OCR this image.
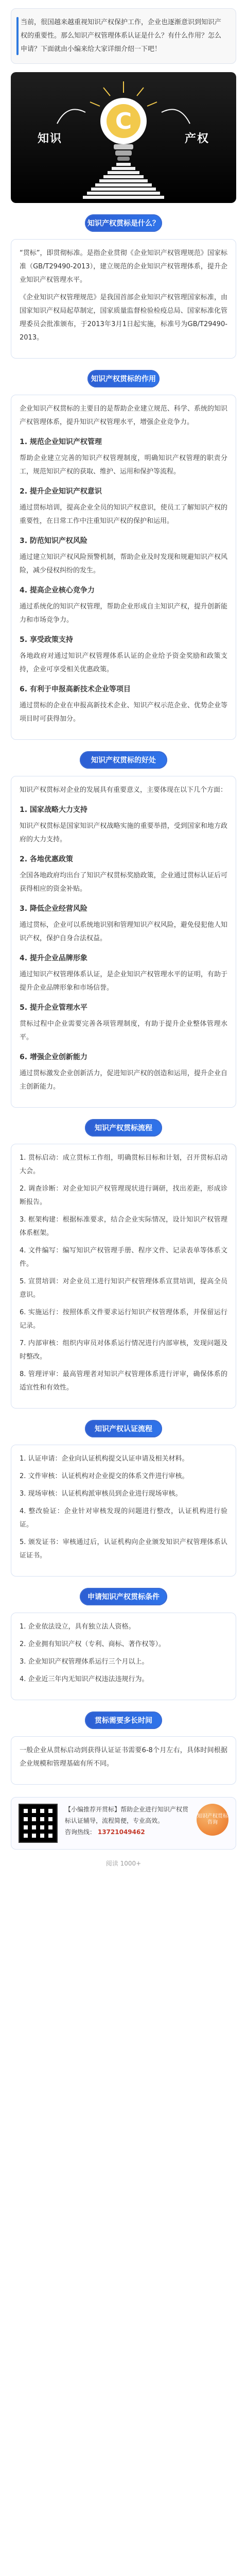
当前，很国越来越重视知识产权保护工作，企业也逐渐意识到知识产权的重要性。那么知识产权管理体系认证是什么？有什么作用？怎么申请？下面就由小编来给大家详细介绍一下吧！
C
知识	产权
知识产权贯标是什么？

“贯标”，即贯彻标准。是指企业贯彻《企业知识产权管理规范》国家标准（GB/T29490-2013），建立规范的企业知识产权管理体系，提升企业知识产权管理水平。

《企业知识产权管理规范》是我国首部企业知识产权管理国家标准，由国家知识产权局起草制定，国家质量监督检验检疫总局、国家标准化管理委员会批准颁布，于2013年3月1日起实施，标准号为GB/T29490-2013。

知识产权贯标的作用

企业知识产权贯标的主要目的是帮助企业建立规范、科学、系统的知识产权管理体系，提升知识产权管理水平，增强企业竞争力。

1. 规范企业知识产权管理

帮助企业建立完善的知识产权管理制度，明确知识产权管理的职责分工，规范知识产权的获取、维护、运用和保护等流程。

2. 提升企业知识产权意识

通过贯标培训，提高企业全员的知识产权意识，使员工了解知识产权的重要性，在日常工作中注重知识产权的保护和运用。

3. 防范知识产权风险

通过建立知识产权风险预警机制，帮助企业及时发现和规避知识产权风险，减少侵权纠纷的发生。

4. 提高企业核心竞争力

通过系统化的知识产权管理，帮助企业形成自主知识产权，提升创新能力和市场竞争力。

5. 享受政策支持

各地政府对通过知识产权管理体系认证的企业给予资金奖励和政策支持，企业可享受相关优惠政策。

6. 有利于申报高新技术企业等项目

通过贯标的企业在申报高新技术企业、知识产权示范企业、优势企业等项目时可获得加分。

知识产权贯标的好处

知识产权贯标对企业的发展具有重要意义，主要体现在以下几个方面：

1. 国家战略大力支持

知识产权贯标是国家知识产权战略实施的重要举措，受到国家和地方政府的大力支持。

2. 各地优惠政策

全国各地政府均出台了知识产权贯标奖励政策，企业通过贯标认证后可获得相应的资金补贴。

3. 降低企业经营风险

通过贯标，企业可以系统地识别和管理知识产权风险，避免侵犯他人知识产权，保护自身合法权益。

4. 提升企业品牌形象

通过知识产权管理体系认证，是企业知识产权管理水平的证明，有助于提升企业品牌形象和市场信誉。

5. 提升企业管理水平

贯标过程中企业需要完善各项管理制度，有助于提升企业整体管理水平。

6. 增强企业创新能力

通过贯标激发企业创新活力，促进知识产权的创造和运用，提升企业自主创新能力。

知识产权贯标流程

1. 贯标启动：成立贯标工作组，明确贯标目标和计划，召开贯标启动大会。

2. 调查诊断：对企业知识产权管理现状进行调研，找出差距，形成诊断报告。

3. 框架构建：根据标准要求，结合企业实际情况，设计知识产权管理体系框架。

4. 文件编写：编写知识产权管理手册、程序文件、记录表单等体系文件。

5. 宣贯培训：对企业员工进行知识产权管理体系宣贯培训，提高全员意识。

6. 实施运行：按照体系文件要求运行知识产权管理体系，并保留运行记录。

7. 内部审核：组织内审员对体系运行情况进行内部审核，发现问题及时整改。

8. 管理评审：最高管理者对知识产权管理体系进行评审，确保体系的适宜性和有效性。

知识产权认证流程

1. 认证申请：企业向认证机构提交认证申请及相关材料。

2. 文件审核：认证机构对企业提交的体系文件进行审核。

3. 现场审核：认证机构派审核员到企业进行现场审核。

4. 整改验证：企业针对审核发现的问题进行整改，认证机构进行验证。

5. 颁发证书：审核通过后，认证机构向企业颁发知识产权管理体系认证证书。

申请知识产权贯标条件

1. 企业依法设立，具有独立法人资格。

2. 企业拥有知识产权（专利、商标、著作权等）。

3. 企业知识产权管理体系运行三个月以上。

4. 企业近三年内无知识产权违法违规行为。

贯标需要多长时间

一般企业从贯标启动到获得认证证书需要6-8个月左右，具体时间根据企业规模和管理基础有所不同。

【小编推荐开贯标】帮助企业进行知识产权贯标认证辅导，流程简便，专业高效。
咨询热线： 13721049462
知识产权贯标咨询
阅读 1000+
